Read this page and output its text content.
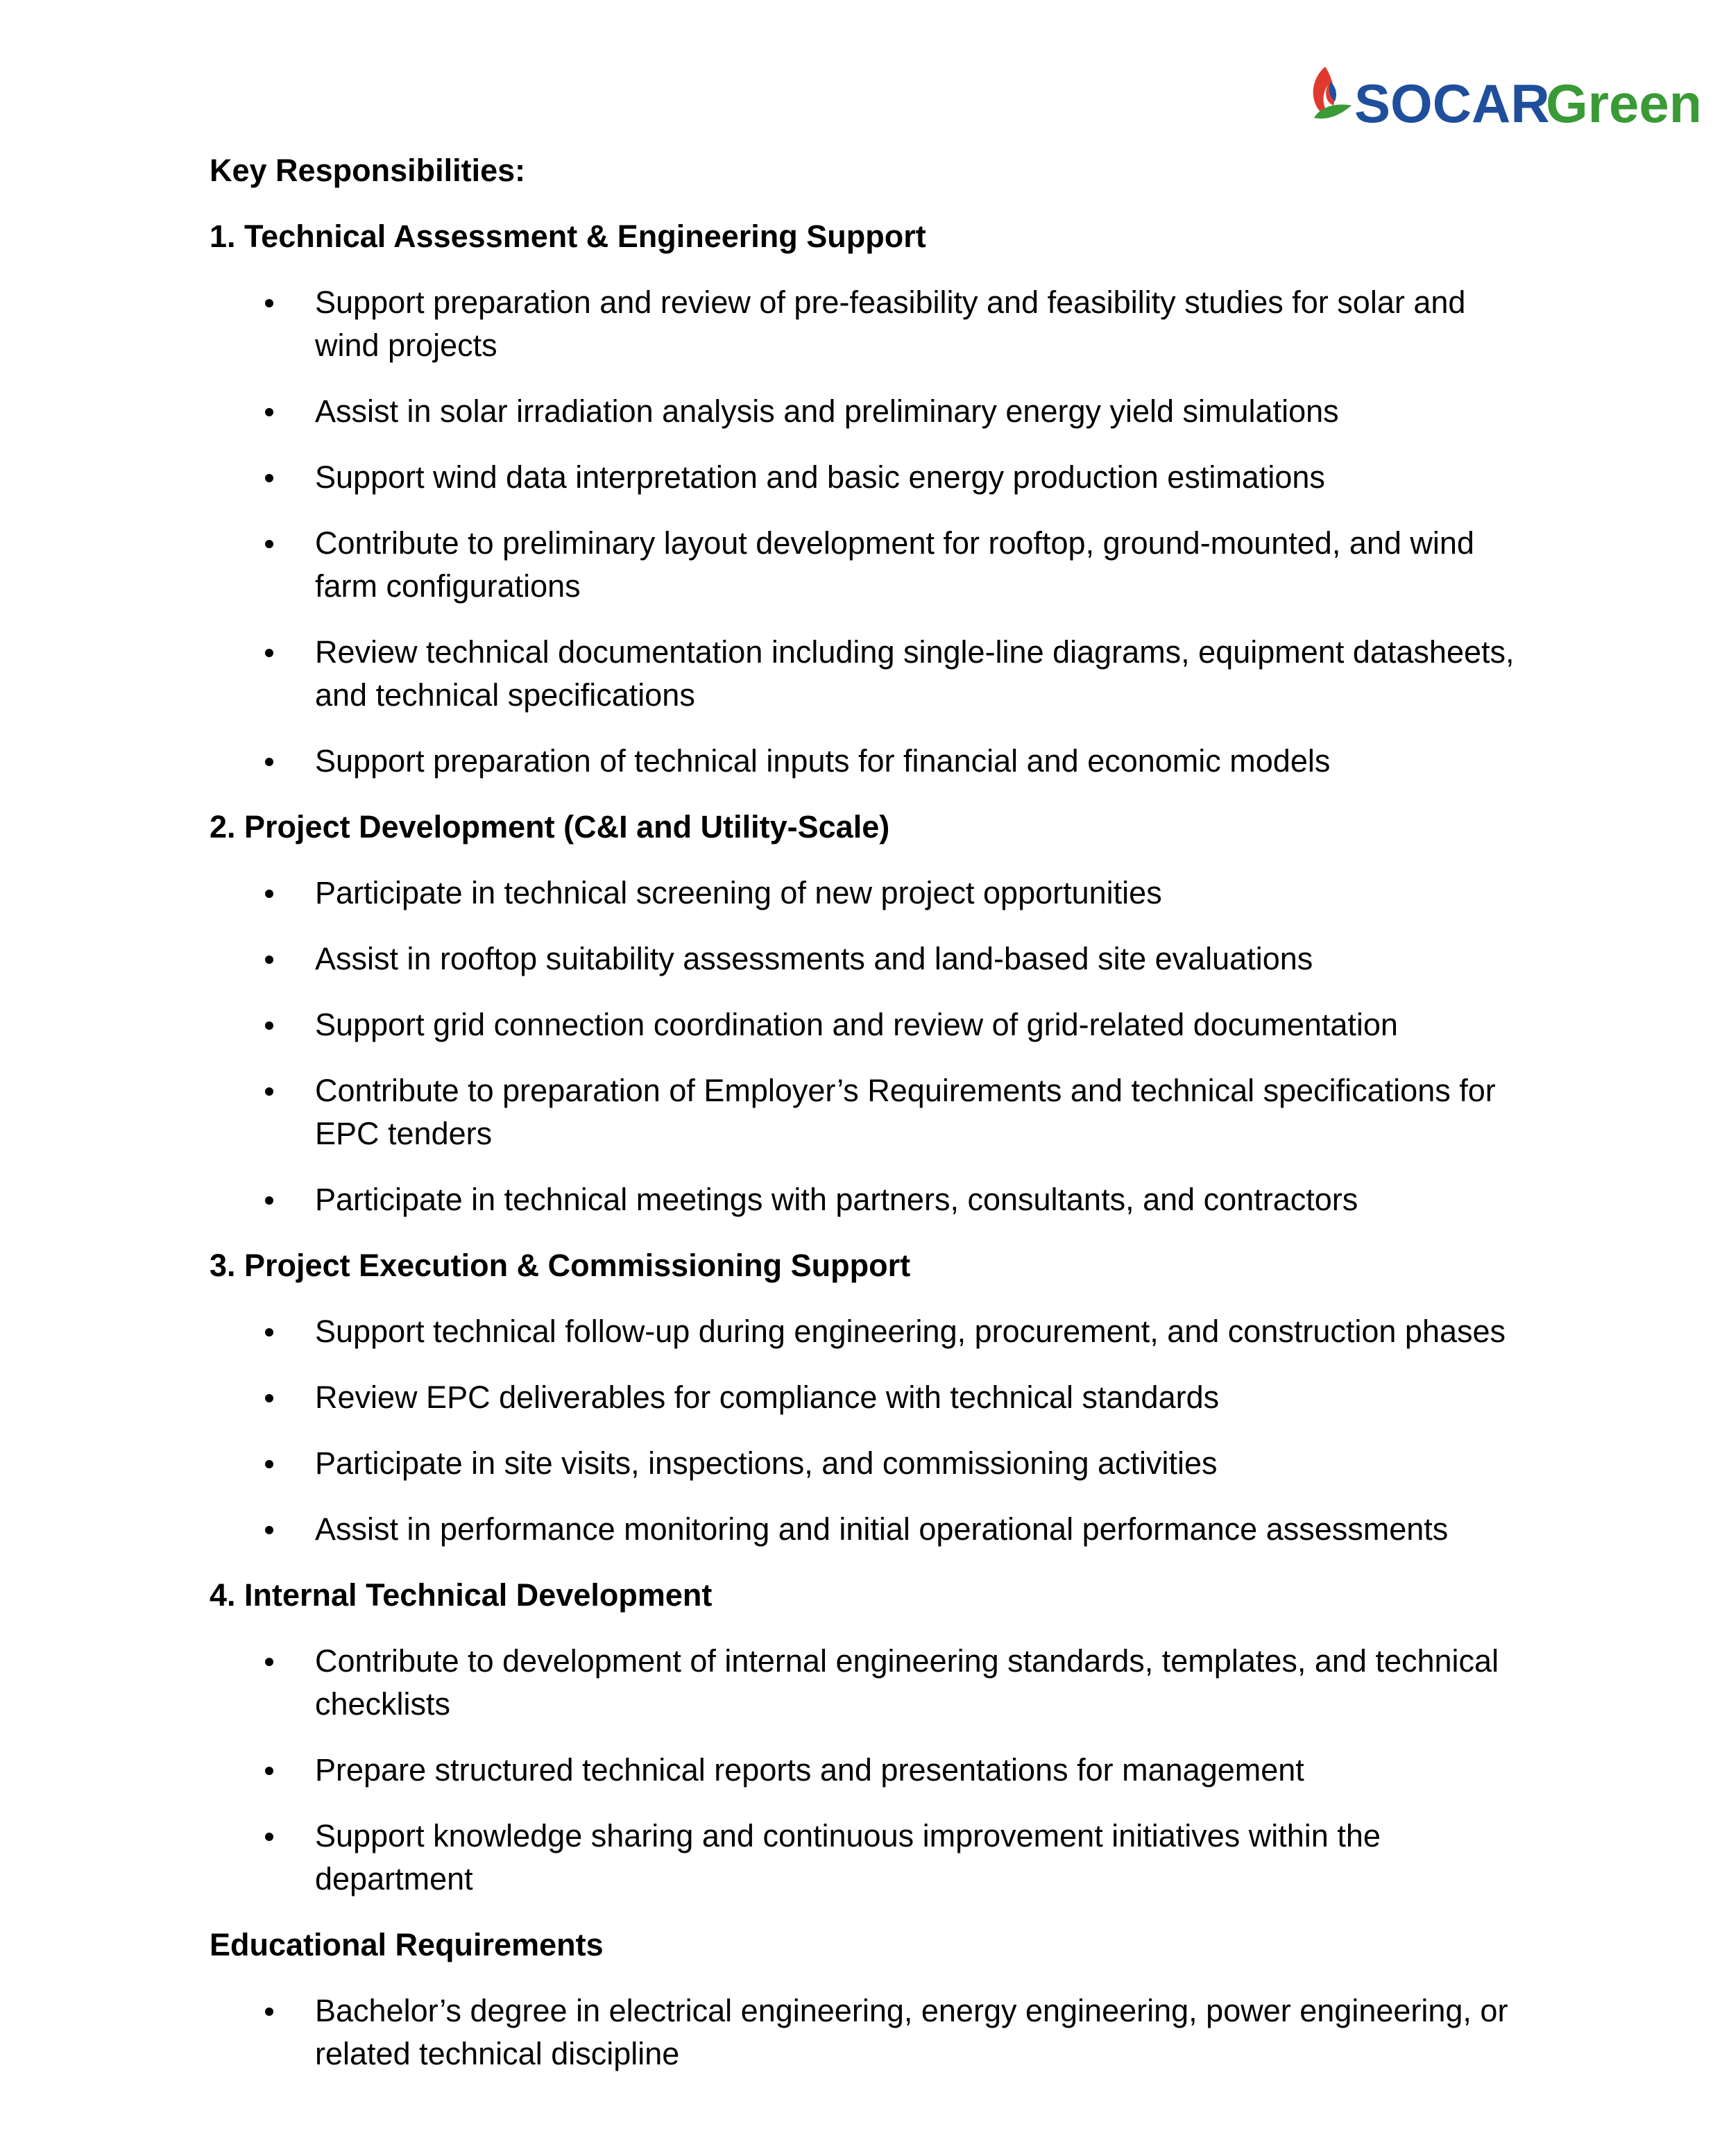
SOCAR
Green
Key Responsibilities:
1. Technical Assessment & Engineering Support
Support preparation and review of pre-feasibility and feasibility studies for solar and wind projects
Assist in solar irradiation analysis and preliminary energy yield simulations
Support wind data interpretation and basic energy production estimations
Contribute to preliminary layout development for rooftop, ground-mounted, and wind farm configurations
Review technical documentation including single-line diagrams, equipment datasheets, and technical specifications
Support preparation of technical inputs for financial and economic models
2. Project Development (C&I and Utility-Scale)
Participate in technical screening of new project opportunities
Assist in rooftop suitability assessments and land-based site evaluations
Support grid connection coordination and review of grid-related documentation
Contribute to preparation of Employer’s Requirements and technical specifications for EPC tenders
Participate in technical meetings with partners, consultants, and contractors
3. Project Execution & Commissioning Support
Support technical follow-up during engineering, procurement, and construction phases
Review EPC deliverables for compliance with technical standards
Participate in site visits, inspections, and commissioning activities
Assist in performance monitoring and initial operational performance assessments
4. Internal Technical Development
Contribute to development of internal engineering standards, templates, and technical checklists
Prepare structured technical reports and presentations for management
Support knowledge sharing and continuous improvement initiatives within the department
Educational Requirements
Bachelor’s degree in electrical engineering, energy engineering, power engineering, or related technical discipline
